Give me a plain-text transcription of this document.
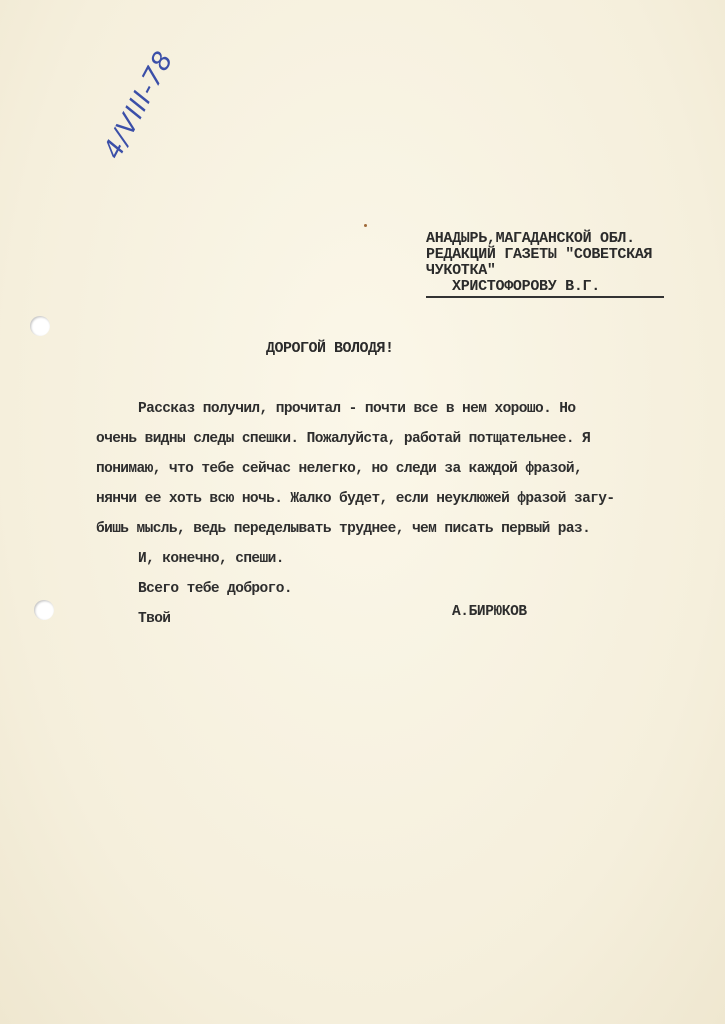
4/VIII-78
АНАДЫРЬ,МАГАДАНСКОЙ ОБЛ.
РЕДАКЦИЙ ГАЗЕТЫ "СОВЕТСКАЯ
ЧУКОТКА"
ХРИСТОФОРОВУ В.Г.
ДОРОГОЙ ВОЛОДЯ!
Рассказ получил, прочитал - почти все в нем хорошо. Но
очень видны следы спешки. Пожалуйста, работай потщательнее. Я
понимаю, что тебе сейчас нелегко, но следи за каждой фразой,
нянчи ее хоть всю ночь. Жалко будет, если неуклюжей фразой загу-
бишь мысль, ведь переделывать труднее, чем писать первый раз.
И, конечно, спеши.
Всего тебе доброго.
Твой	А.БИРЮКОВ
